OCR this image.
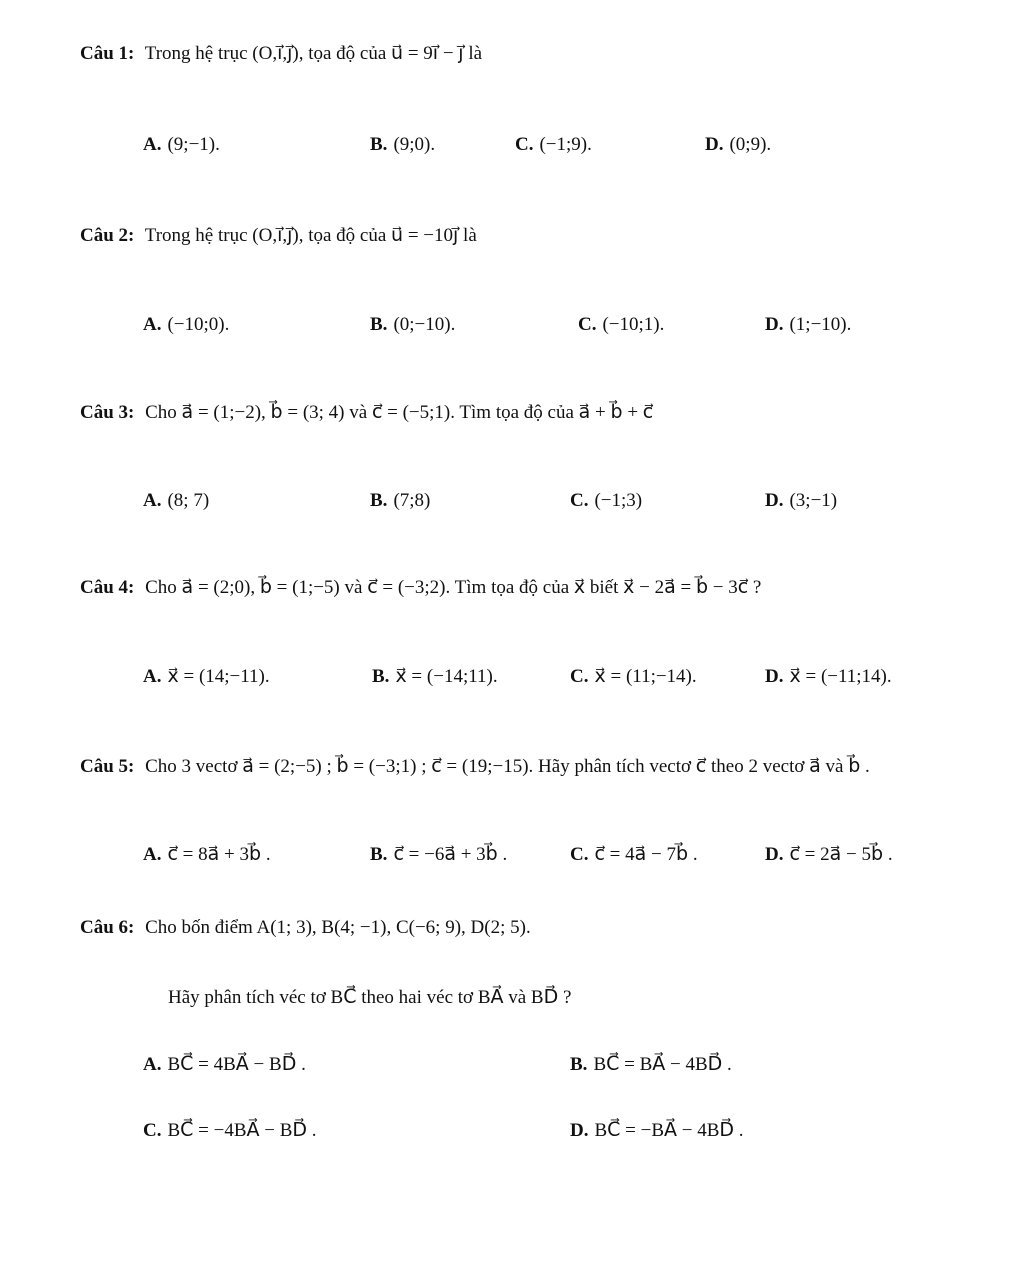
Câu 1: Trong hệ trục (O,i⃗,j⃗), tọa độ của u⃗ = 9i⃗ − j⃗ là
A. (9;−1).	B. (9;0).	C. (−1;9).	D. (0;9).
Câu 2: Trong hệ trục (O,i⃗,j⃗), tọa độ của u⃗ = −10j⃗ là
A. (−10;0).	B. (0;−10).	C. (−10;1).	D. (1;−10).
Câu 3: Cho a⃗ = (1;−2), b⃗ = (3; 4) và c⃗ = (−5;1). Tìm tọa độ của a⃗ + b⃗ + c⃗
A. (8; 7)	B. (7;8)	C. (−1;3)	D. (3;−1)
Câu 4: Cho a⃗ = (2;0), b⃗ = (1;−5) và c⃗ = (−3;2). Tìm tọa độ của x⃗ biết x⃗ − 2a⃗ = b⃗ − 3c⃗ ?
A. x⃗ = (14;−11).	B. x⃗ = (−14;11).	C. x⃗ = (11;−14).	D. x⃗ = (−11;14).
Câu 5: Cho 3 vectơ a⃗ = (2;−5) ; b⃗ = (−3;1) ; c⃗ = (19;−15). Hãy phân tích vectơ c⃗ theo 2 vectơ a⃗ và b⃗ .
A. c⃗ = 8a⃗ + 3b⃗ .	B. c⃗ = −6a⃗ + 3b⃗ .	C. c⃗ = 4a⃗ − 7b⃗ .	D. c⃗ = 2a⃗ − 5b⃗ .
Câu 6: Cho bốn điểm A(1; 3), B(4; −1), C(−6; 9), D(2; 5).
Hãy phân tích véc tơ BC⃗ theo hai véc tơ BA⃗ và BD⃗ ?
A. BC⃗ = 4BA⃗ − BD⃗ .	B. BC⃗ = BA⃗ − 4BD⃗ .
C. BC⃗ = −4BA⃗ − BD⃗ .	D. BC⃗ = −BA⃗ − 4BD⃗ .
